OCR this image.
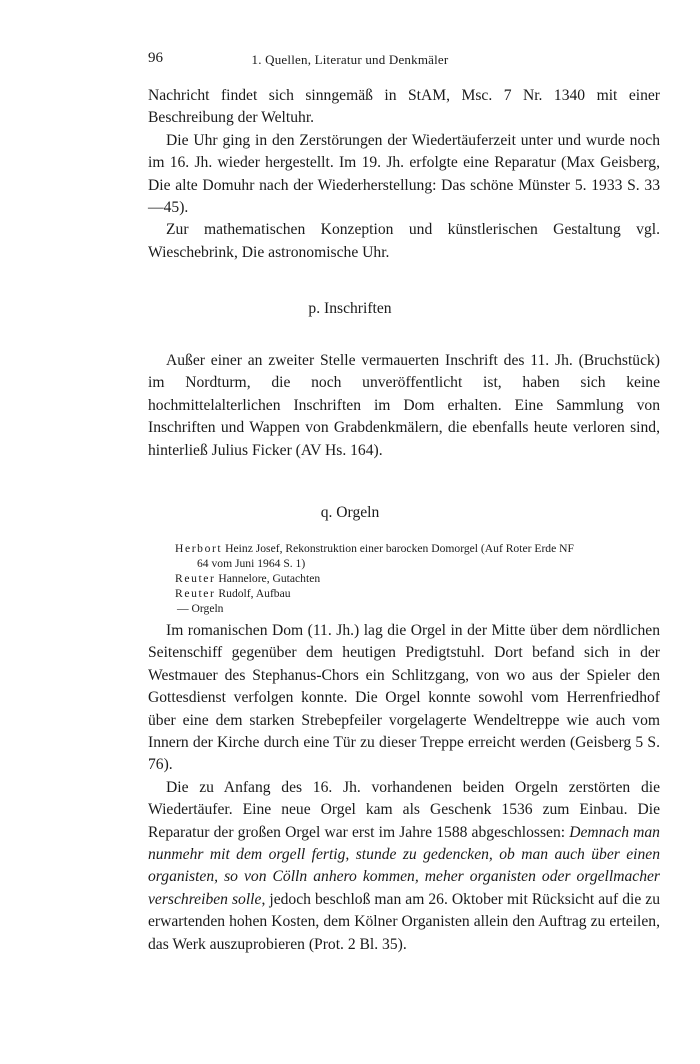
96	1. Quellen, Literatur und Denkmäler

Nachricht findet sich sinngemäß in StAM, Msc. 7 Nr. 1340 mit einer Beschreibung der Weltuhr.

Die Uhr ging in den Zerstörungen der Wiedertäuferzeit unter und wurde noch im 16. Jh. wieder hergestellt. Im 19. Jh. erfolgte eine Reparatur (Max Geisberg, Die alte Domuhr nach der Wiederherstellung: Das schöne Münster 5. 1933 S. 33—45).

Zur mathematischen Konzeption und künstlerischen Gestaltung vgl. Wieschebrink, Die astronomische Uhr.

p. Inschriften

Außer einer an zweiter Stelle vermauerten Inschrift des 11. Jh. (Bruchstück) im Nordturm, die noch unveröffentlicht ist, haben sich keine hochmittelalterlichen Inschriften im Dom erhalten. Eine Sammlung von Inschriften und Wappen von Grabdenkmälern, die ebenfalls heute verloren sind, hinterließ Julius Ficker (AV Hs. 164).

q. Orgeln

Herbort Heinz Josef, Rekonstruktion einer barocken Domorgel (Auf Roter Erde NF

64 vom Juni 1964 S. 1)

Reuter Hannelore, Gutachten

Reuter Rudolf, Aufbau

— Orgeln

Im romanischen Dom (11. Jh.) lag die Orgel in der Mitte über dem nördlichen Seitenschiff gegenüber dem heutigen Predigtstuhl. Dort befand sich in der Westmauer des Stephanus-Chors ein Schlitzgang, von wo aus der Spieler den Gottesdienst verfolgen konnte. Die Orgel konnte sowohl vom Herrenfriedhof über eine dem starken Strebepfeiler vorgelagerte Wendeltreppe wie auch vom Innern der Kirche durch eine Tür zu dieser Treppe erreicht werden (Geisberg 5 S. 76).

Die zu Anfang des 16. Jh. vorhandenen beiden Orgeln zerstörten die Wiedertäufer. Eine neue Orgel kam als Geschenk 1536 zum Einbau. Die Reparatur der großen Orgel war erst im Jahre 1588 abgeschlossen: Demnach man nunmehr mit dem orgell fertig, stunde zu gedencken, ob man auch über einen organisten, so von Cölln anhero kommen, meher organisten oder orgellmacher verschreiben solle, jedoch beschloß man am 26. Oktober mit Rücksicht auf die zu erwartenden hohen Kosten, dem Kölner Organisten allein den Auftrag zu erteilen, das Werk auszuprobieren (Prot. 2 Bl. 35).
